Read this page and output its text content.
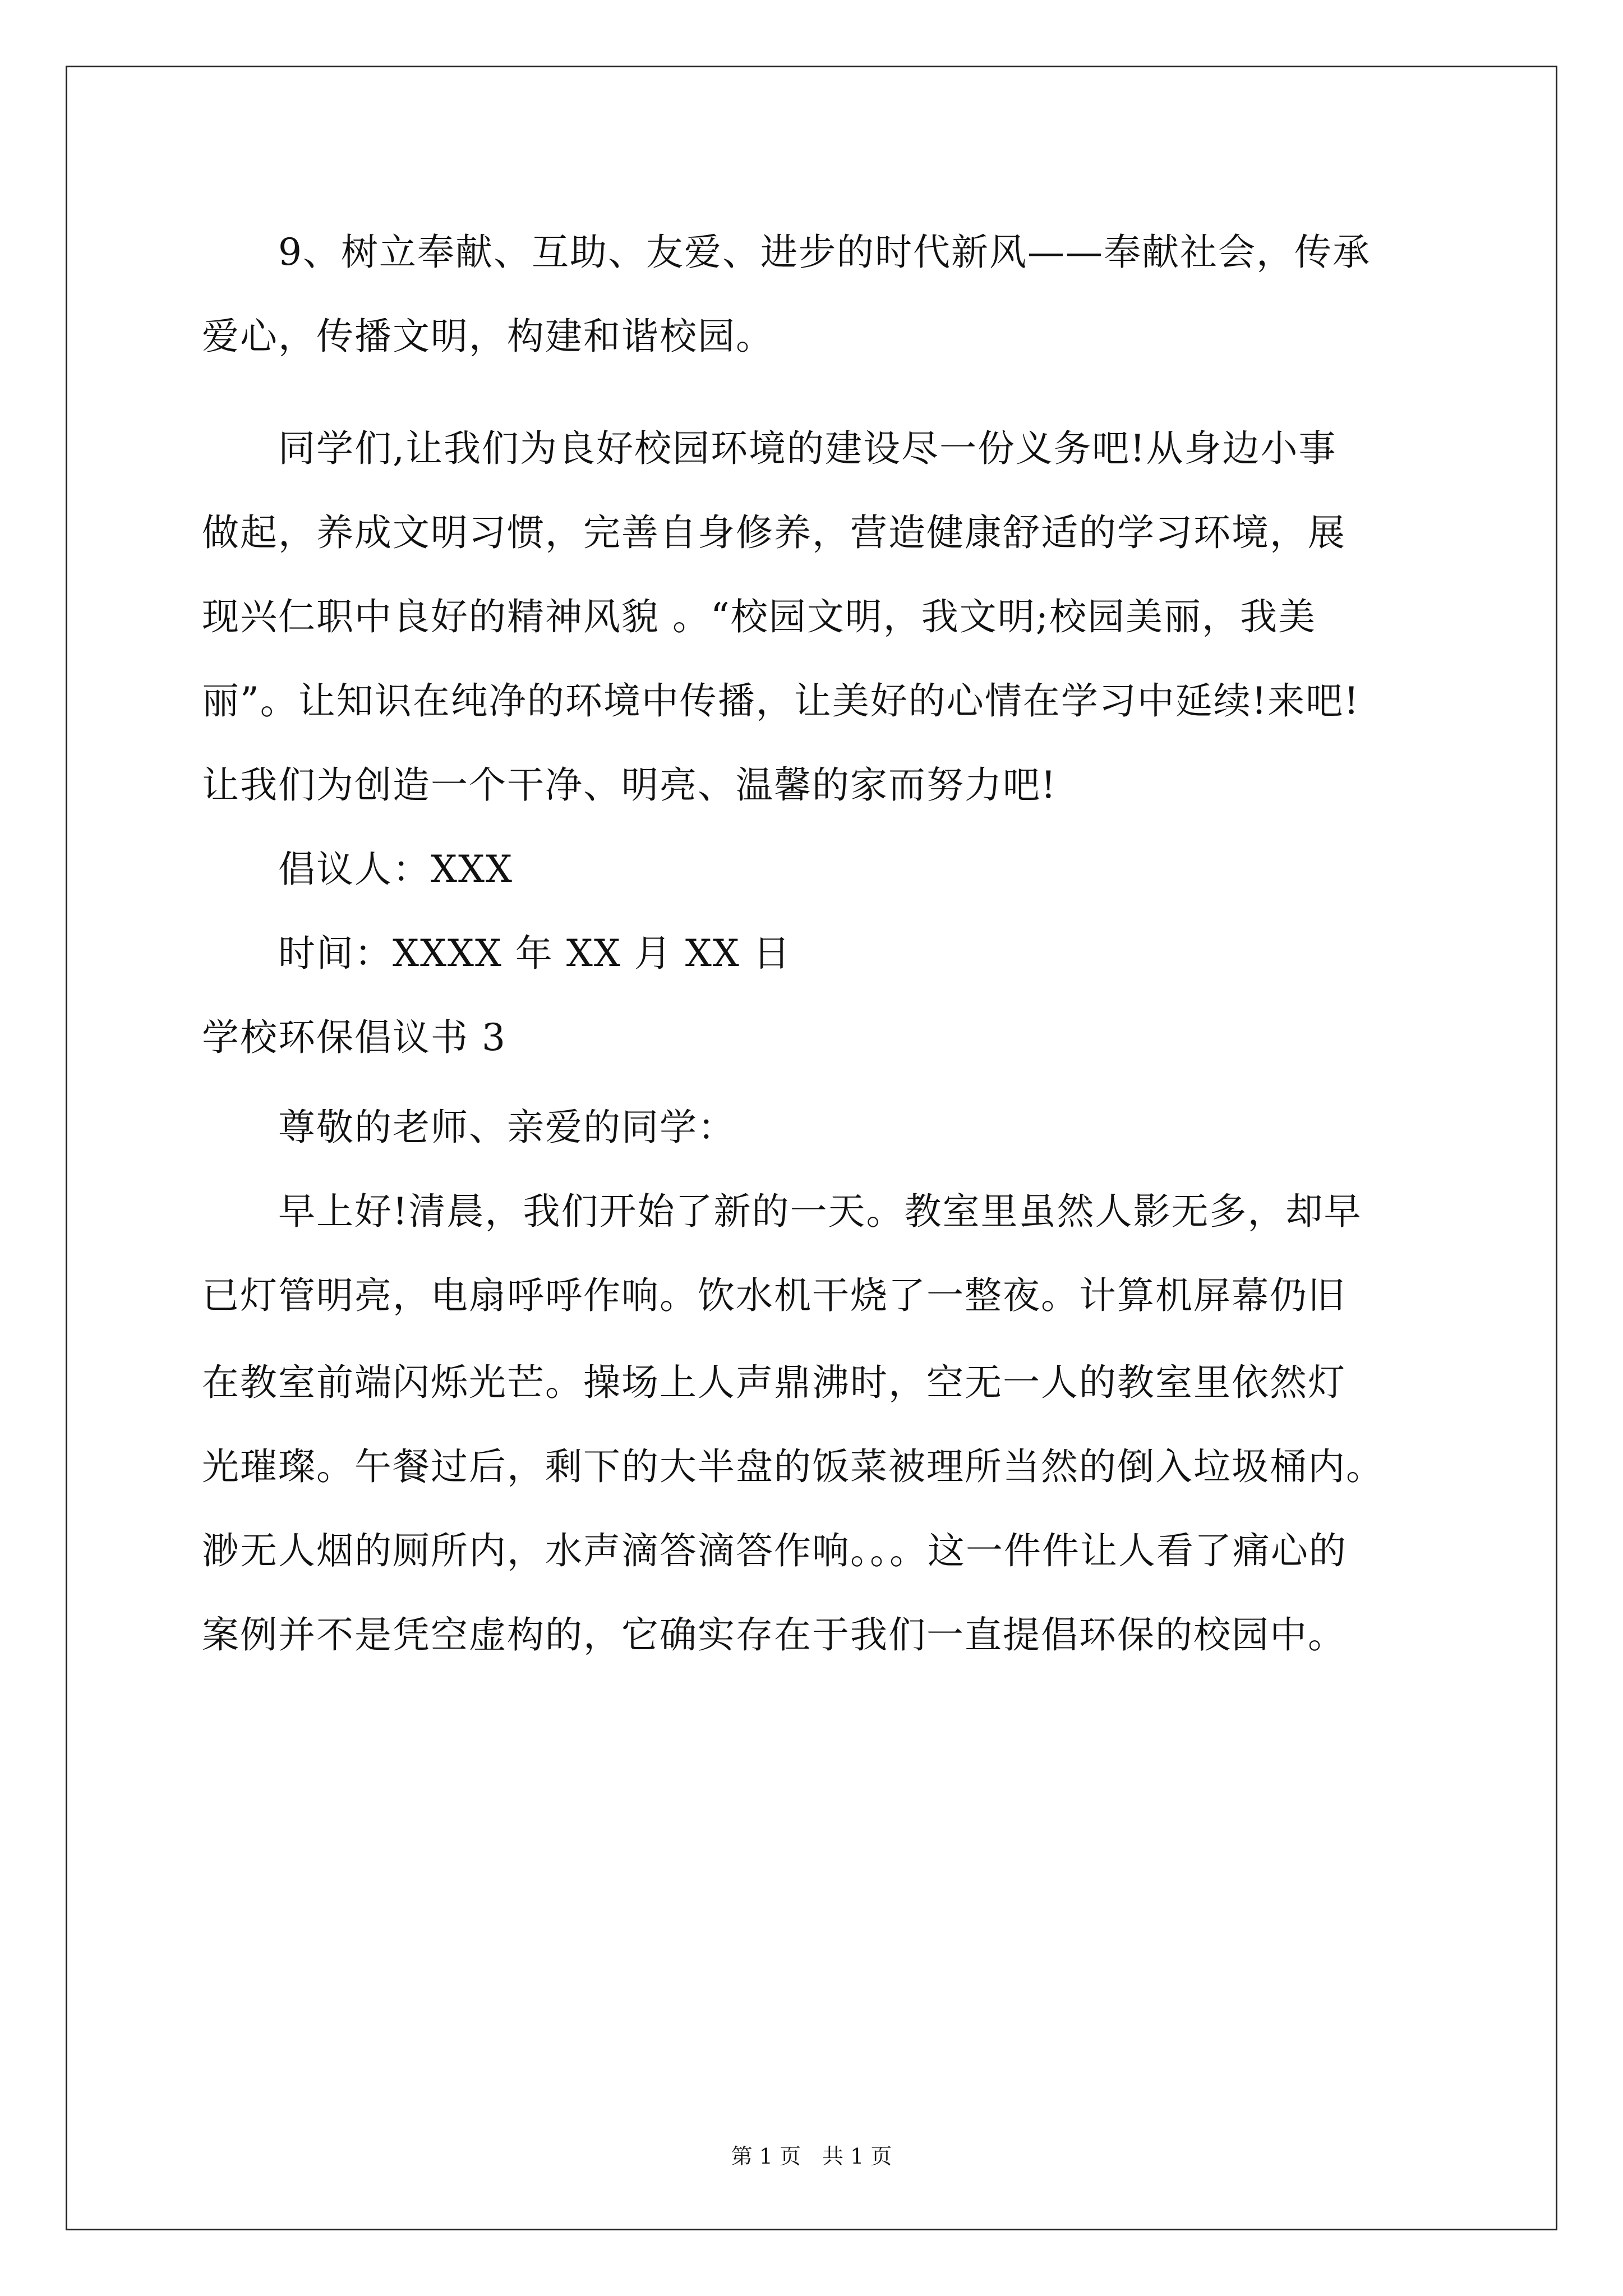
　　9、树立奉献、互助、友爱、进步的时代新风——奉献社会，传承
爱心，传播文明，构建和谐校园。
　　同学们,让我们为良好校园环境的建设尽一份义务吧!从身边小事
做起，养成文明习惯，完善自身修养，营造健康舒适的学习环境，展
现兴仁职中良好的精神风貌 。“校园文明，我文明;校园美丽，我美
丽”。让知识在纯净的环境中传播，让美好的心情在学习中延续!来吧!
让我们为创造一个干净、明亮、温馨的家而努力吧!
　　倡议人：XXX
　　时间：XXXX 年 XX 月 XX 日
学校环保倡议书 3
　　尊敬的老师、亲爱的同学：
　　早上好!清晨，我们开始了新的一天。教室里虽然人影无多，却早
已灯管明亮，电扇呼呼作响。饮水机干烧了一整夜。计算机屏幕仍旧
在教室前端闪烁光芒。操场上人声鼎沸时，空无一人的教室里依然灯
光璀璨。午餐过后，剩下的大半盘的饭菜被理所当然的倒入垃圾桶内。
渺无人烟的厕所内，水声滴答滴答作响。。。这一件件让人看了痛心的
案例并不是凭空虚构的，它确实存在于我们一直提倡环保的校园中。
第 1 页　共 1 页
